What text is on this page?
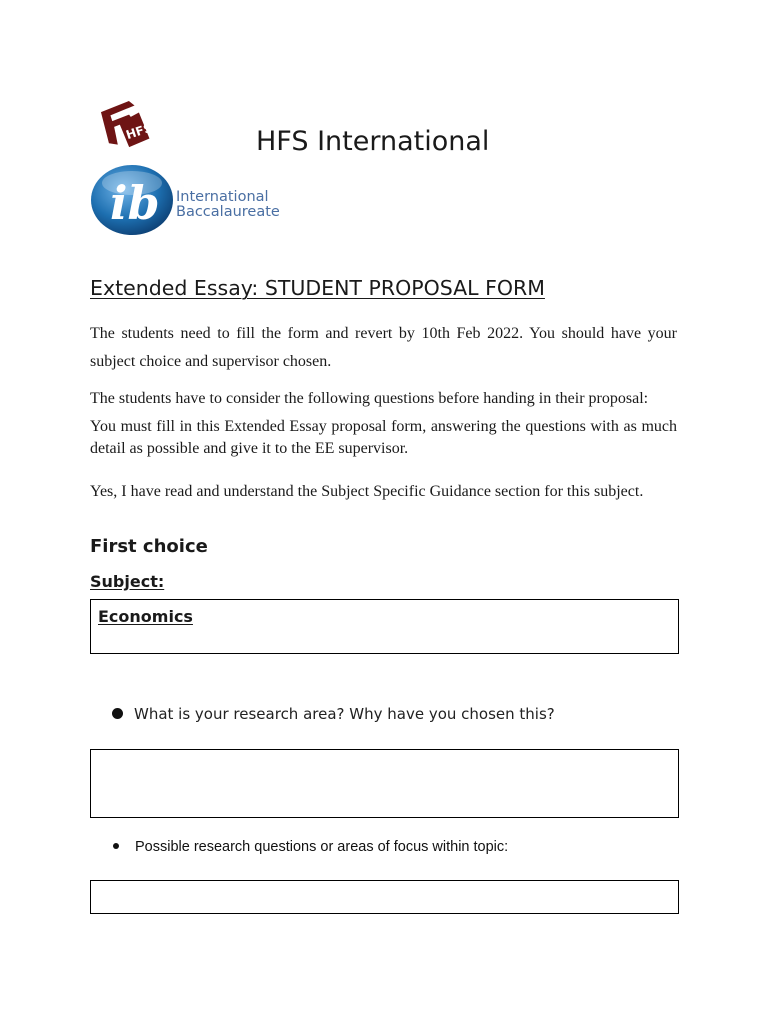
HFS	HFS International
ib International
Baccalaureate
Extended Essay: STUDENT PROPOSAL FORM
The students need to fill the form and revert by 10th Feb 2022. You should have your subject choice and supervisor chosen.
The students have to consider the following questions before handing in their proposal:
You must fill in this Extended Essay proposal form, answering the questions with as much detail as possible and give it to the EE supervisor.
Yes, I have read and understand the Subject Specific Guidance section for this subject.
First choice
Subject:
Economics
What is your research area? Why have you chosen this?
Possible research questions or areas of focus within topic:
